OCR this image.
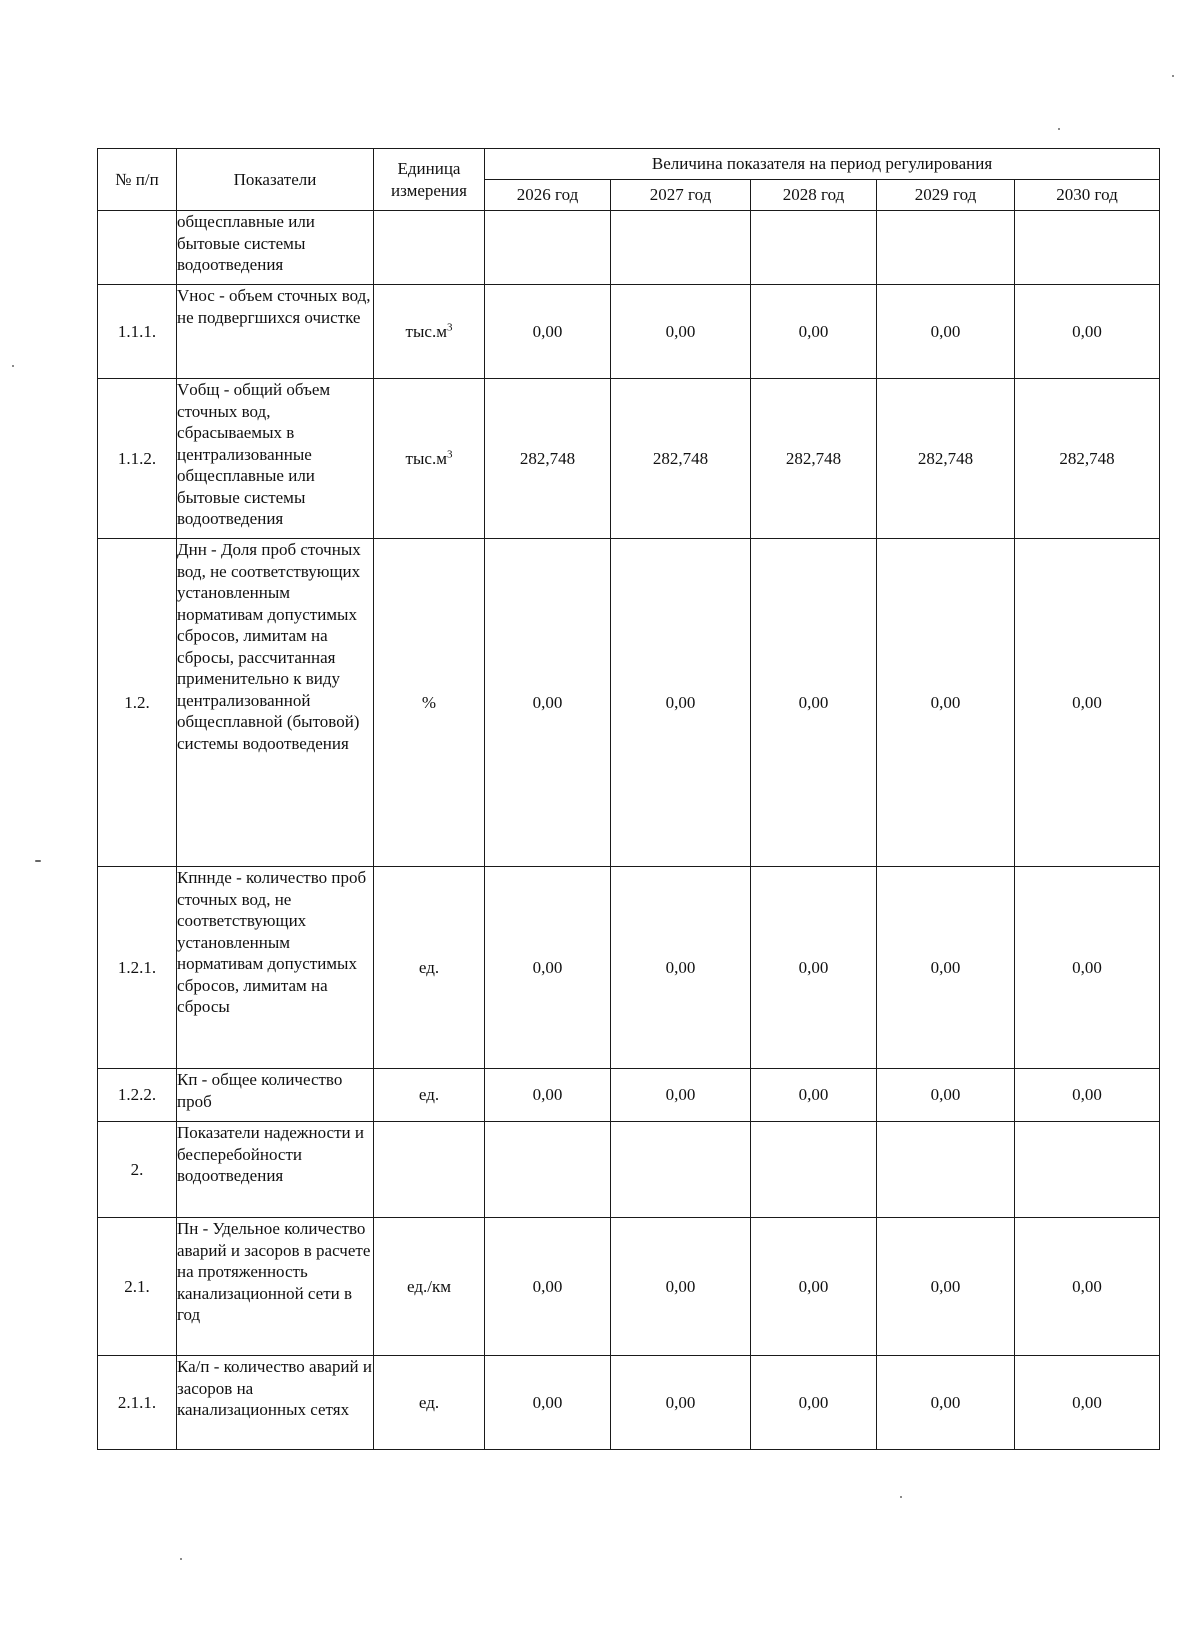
№ п/п	Показатели	Единица измерения	Величина показателя на период регулирования				
			2026 год	2027 год	2028 год	2029 год	2030 год
	общесплавные или бытовые системы водоотведения						
1.1.1.	Vнос - объем сточных вод, не подвергшихся очистке	$тыс.м^3$	0,00	0,00	0,00	0,00	0,00
1.1.2.	Vобщ - общий объем сточных вод, сбрасываемых в централизованные общесплавные или бытовые системы водоотведения	$тыс.м^3$	282,748	282,748	282,748	282,748	282,748
1.2.	Днн - Доля проб сточных вод, не соответствующих установленным нормативам допустимых сбросов, лимитам на сбросы, рассчитанная применительно к виду централизованной общесплавной (бытовой) системы водоотведения	%	0,00	0,00	0,00	0,00	0,00
1.2.1.	Кпннде - количество проб сточных вод, не соответствующих установленным нормативам допустимых сбросов, лимитам на сбросы	ед.	0,00	0,00	0,00	0,00	0,00
1.2.2.	Кп - общее количество проб	ед.	0,00	0,00	0,00	0,00	0,00
2.	Показатели надежности и бесперебойности водоотведения						
2.1.	Пн - Удельное количество аварий и засоров в расчете на протяженность канализационной сети в год	ед./км	0,00	0,00	0,00	0,00	0,00
2.1.1.	Ка/п - количество аварий и засоров на канализационных сетях	ед.	0,00	0,00	0,00	0,00	0,00
